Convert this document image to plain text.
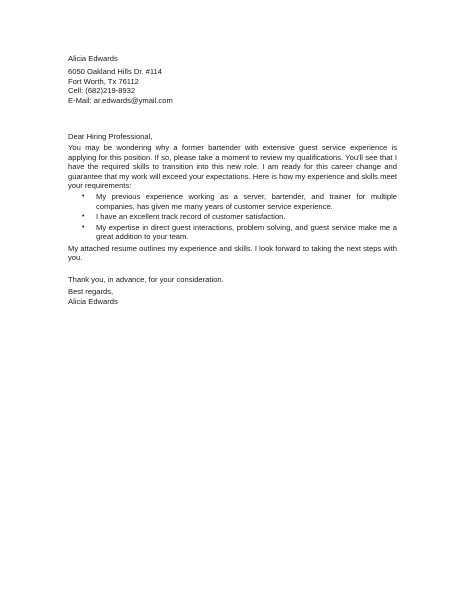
Alicia Edwards
6050 Oakland Hills Dr. #114
Fort Worth, Tx 76112
Cell: (682)219-8932
E-Mail: ar.edwards@ymail.com
Dear Hiring Professional,

You may be wondering why a former bartender with extensive guest service experience is applying for this position. If so, please take a moment to review my qualifications. You'll see that I have the required skills to transition into this new role. I am ready for this career change and guarantee that my work will exceed your expectations. Here is how my experience and skills meet your requirements:

• My previous experience working as a server, bartender, and trainer for multiple companies, has given me many years of customer service experience.
• I have an excellent track record of customer satisfaction.
• My expertise in direct guest interactions, problem solving, and guest service make me a great addition to your team.

My attached resume outlines my experience and skills. I look forward to taking the next steps with you.

Thank you, in advance, for your consideration.
Best regards,
Alicia Edwards
